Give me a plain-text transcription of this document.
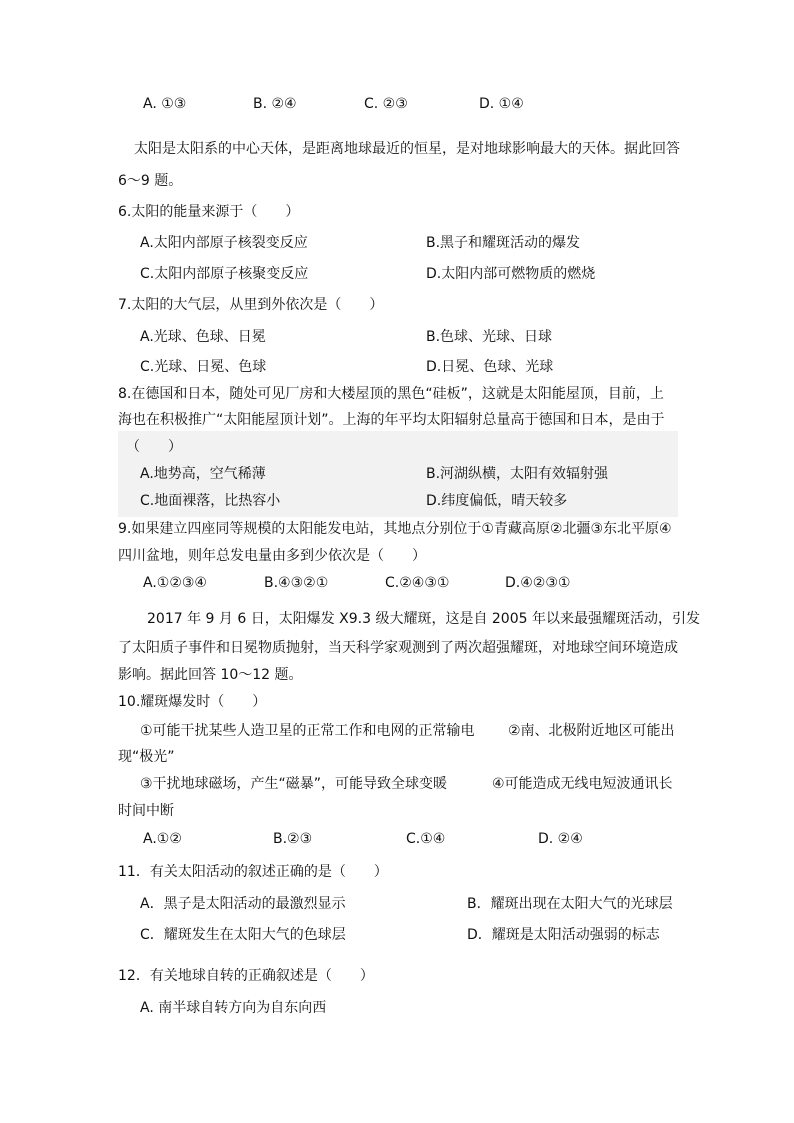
A. ①③	B. ②④	C. ②③	D. ①④
太阳是太阳系的中心天体，是距离地球最近的恒星，是对地球影响最大的天体。据此回答
6～9 题。
6.太阳的能量来源于（　　）
A.太阳内部原子核裂变反应	B.黑子和耀斑活动的爆发
C.太阳内部原子核聚变反应	D.太阳内部可燃物质的燃烧
7.太阳的大气层，从里到外依次是（　　）
A.光球、色球、日冕	B.色球、光球、日球
C.光球、日冕、色球	D.日冕、色球、光球
8.在德国和日本，随处可见厂房和大楼屋顶的黑色“硅板”，这就是太阳能屋顶，目前，上
海也在积极推广“太阳能屋顶计划”。上海的年平均太阳辐射总量高于德国和日本，是由于
（　　）
A.地势高，空气稀薄	B.河湖纵横，太阳有效辐射强
C.地面裸落，比热容小	D.纬度偏低，晴天较多
9.如果建立四座同等规模的太阳能发电站，其地点分别位于①青藏高原②北疆③东北平原④
四川盆地，则年总发电量由多到少依次是（　　）
A.①②③④	B.④③②①	C.②④③①	D.④②③①
2017 年 9 月 6 日，太阳爆发 X9.3 级大耀斑，这是自 2005 年以来最强耀斑活动，引发
了太阳质子事件和日冕物质抛射，当天科学家观测到了两次超强耀斑，对地球空间环境造成
影响。据此回答 10～12 题。
10.耀斑爆发时（　　）
①可能干扰某些人造卫星的正常工作和电网的正常输电 ②南、北极附近地区可能出
现“极光”
③干扰地球磁场，产生“磁暴”，可能导致全球变暖	④可能造成无线电短波通讯长
时间中断
A.①②	B.②③	C.①④	D. ②④
11．有关太阳活动的叙述正确的是（　　）
A．黑子是太阳活动的最激烈显示	B．耀斑出现在太阳大气的光球层
C．耀斑发生在太阳大气的色球层	D．耀斑是太阳活动强弱的标志
12．有关地球自转的正确叙述是（　　）
A. 南半球自转方向为自东向西
